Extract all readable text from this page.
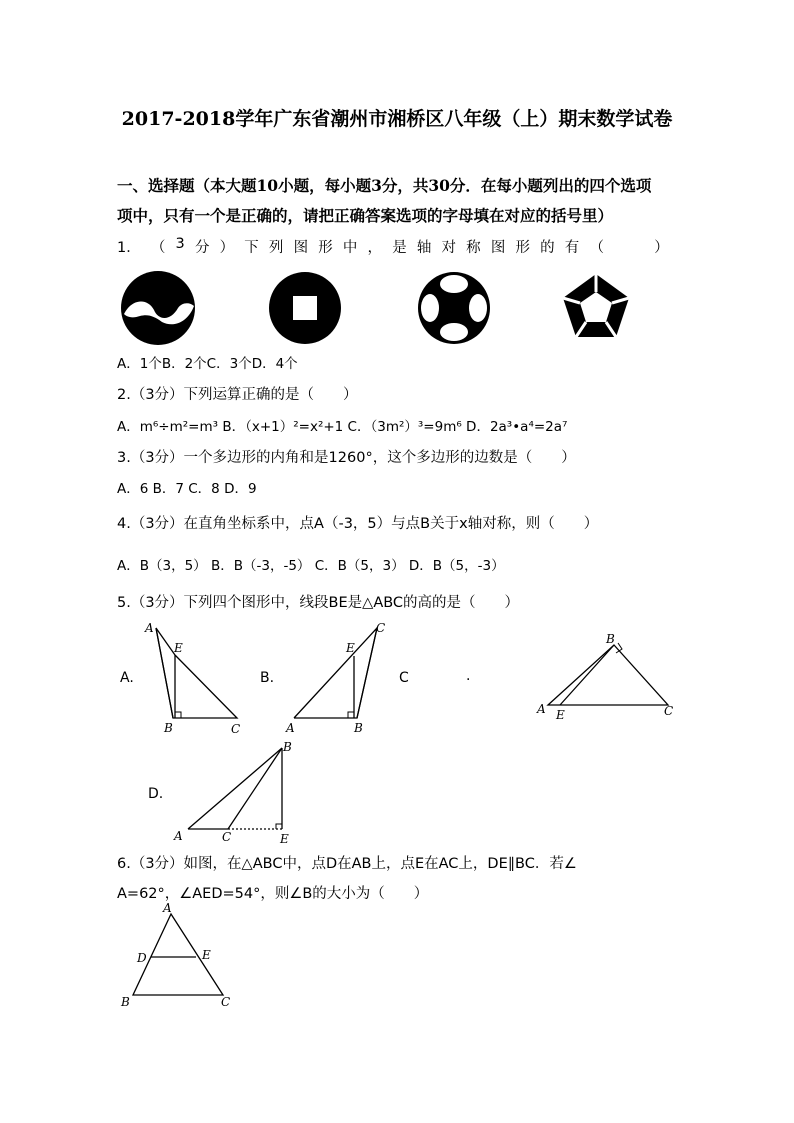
2017-2018学年广东省潮州市湘桥区八年级（上）期末数学试卷
一、选择题（本大题10小题，每小题3分，共30分．在每小题列出的四个选项
项中，只有一个是正确的，请把正确答案选项的字母填在对应的括号里）
1． （ 3 分 ） 下 列 图 形 中 ， 是 轴 对 称 图 形 的 有 （	）
A．1个B．2个C．3个D．4个
2.（3分）下列运算正确的是（　　）
A．m⁶÷m²=m³ B．（x+1）²=x²+1 C．（3m²）³=9m⁶ D．2a³•a⁴=2a⁷
3.（3分）一个多边形的内角和是1260°，这个多边形的边数是（　　）
A．6 B．7 C．8 D．9
4.（3分）在直角坐标系中，点A（-3，5）与点B关于x轴对称，则（　　）
A．B（3，5） B．B（-3，-5） C．B（5，3） D．B（5，-3）
5.（3分）下列四个图形中，线段BE是△ABC的高的是（　　）
A.
A
E
B	C
B.
A
E
B
C
C	.
A E
B
C
D.
A	C
B
E
6.（3分）如图，在△ABC中，点D在AB上，点E在AC上，DE∥BC．若∠
A=62°，∠AED=54°，则∠B的大小为（　　）
A
D	E
B	C
